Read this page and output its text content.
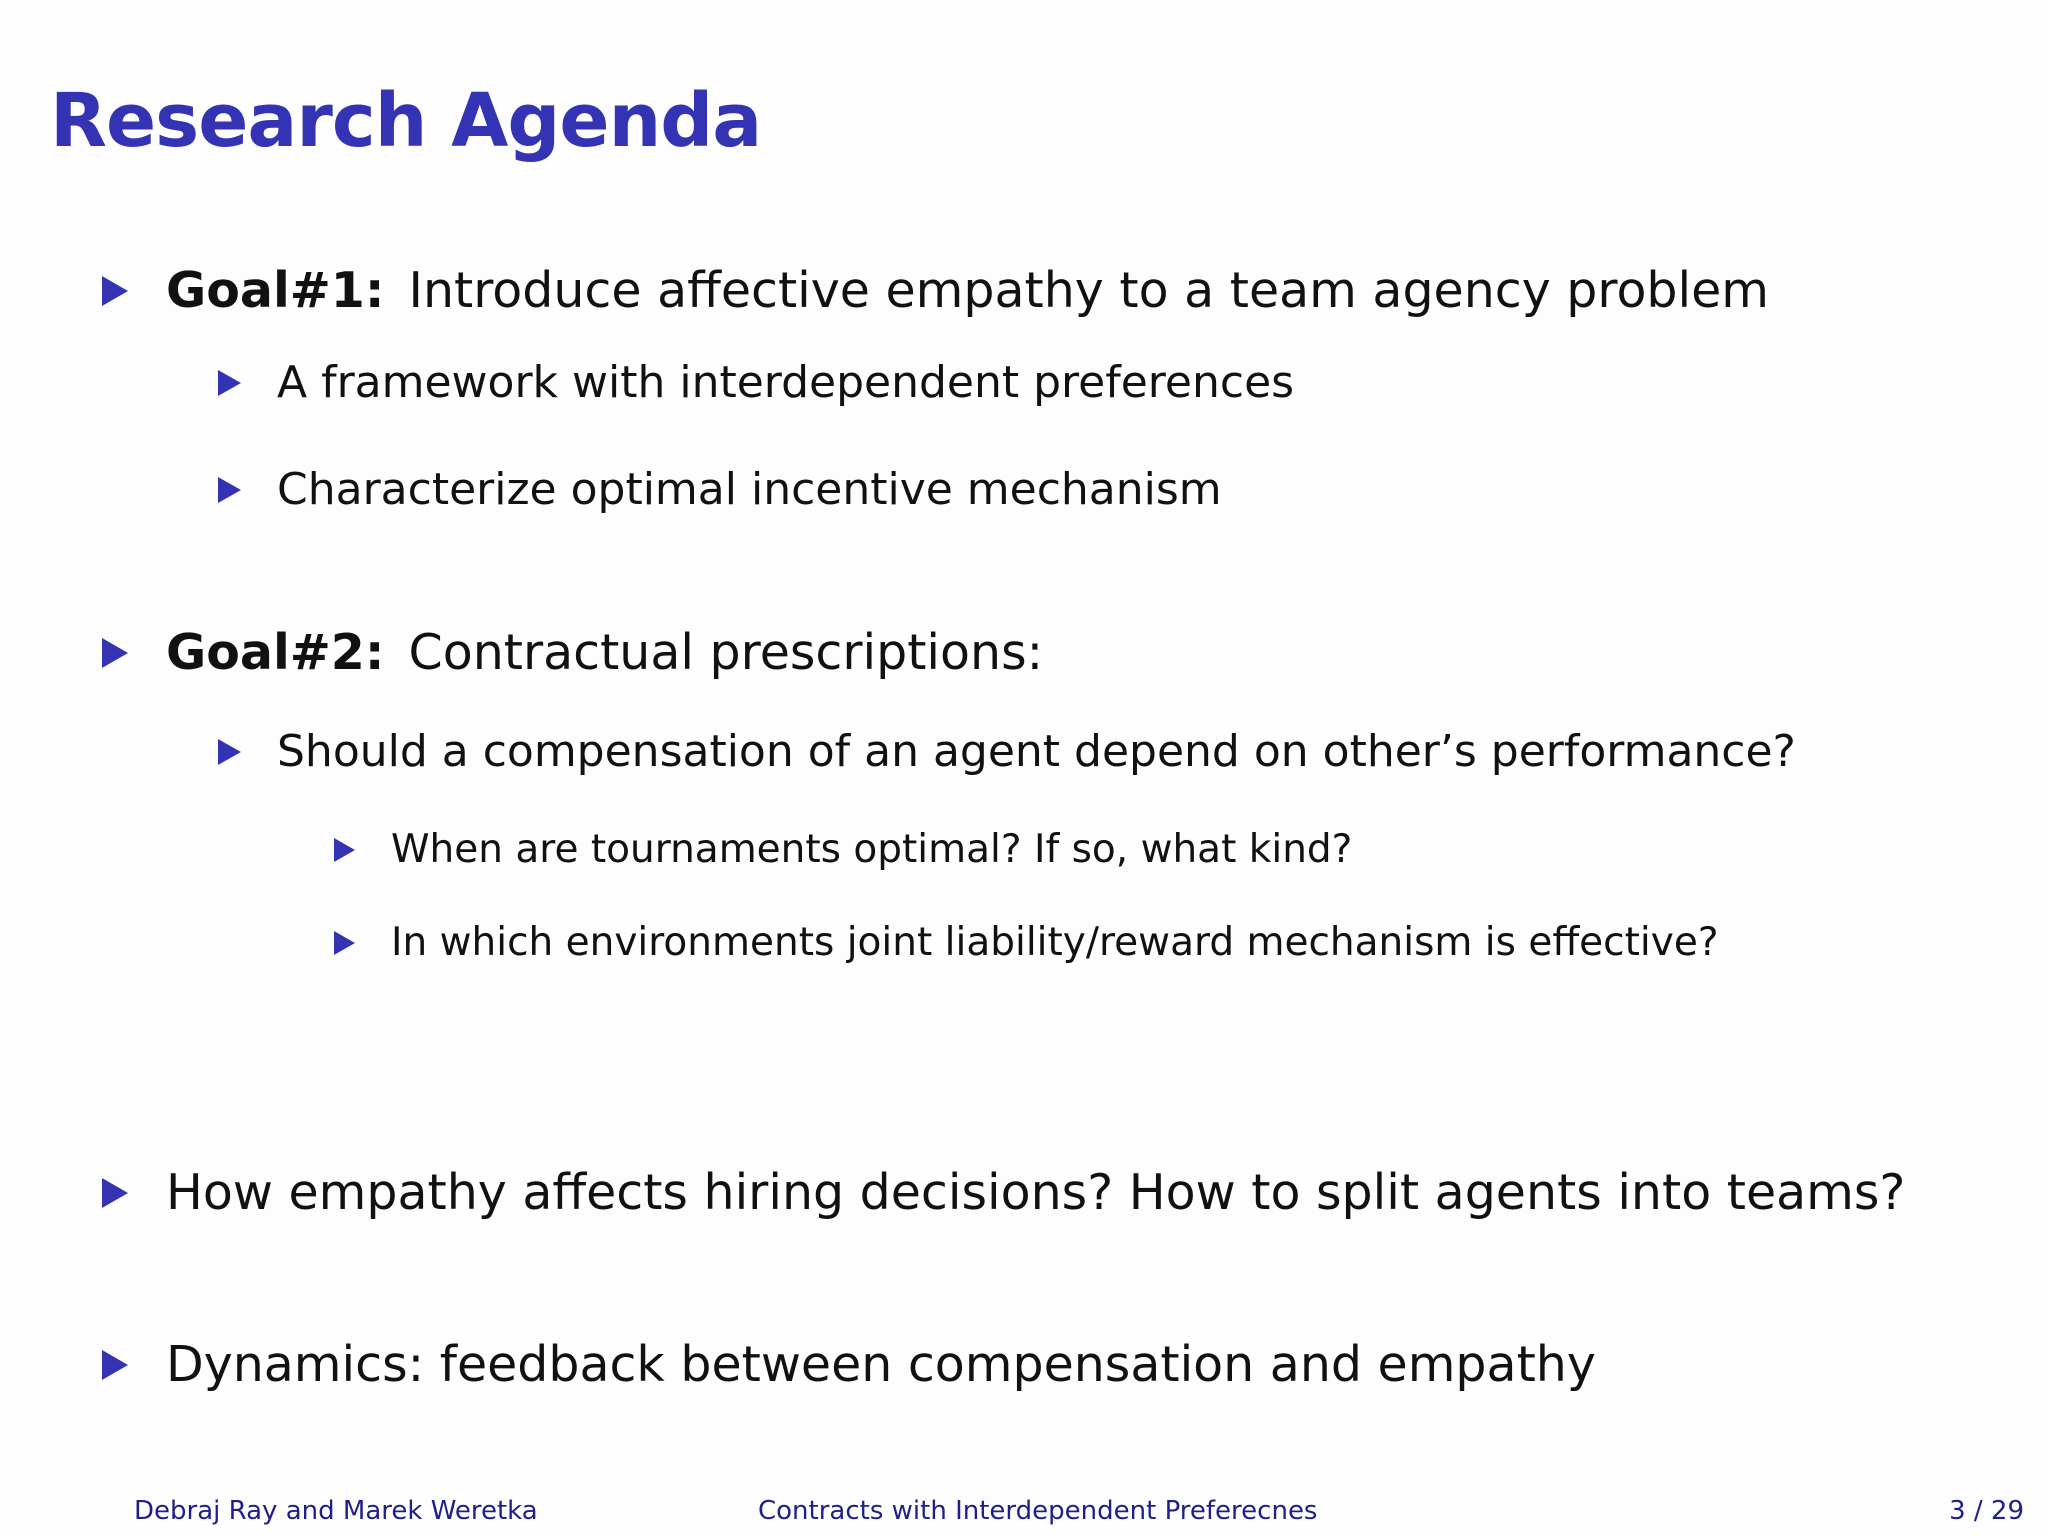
Research Agenda
Goal#1: Introduce affective empathy to a team agency problem
A framework with interdependent preferences
Characterize optimal incentive mechanism
Goal#2: Contractual prescriptions:
Should a compensation of an agent depend on other’s performance?
When are tournaments optimal? If so, what kind?
In which environments joint liability/reward mechanism is effective?
How empathy affects hiring decisions? How to split agents into teams?
Dynamics: feedback between compensation and empathy
Debraj Ray and Marek Weretka	Contracts with Interdependent Preferecnes	3 / 29
